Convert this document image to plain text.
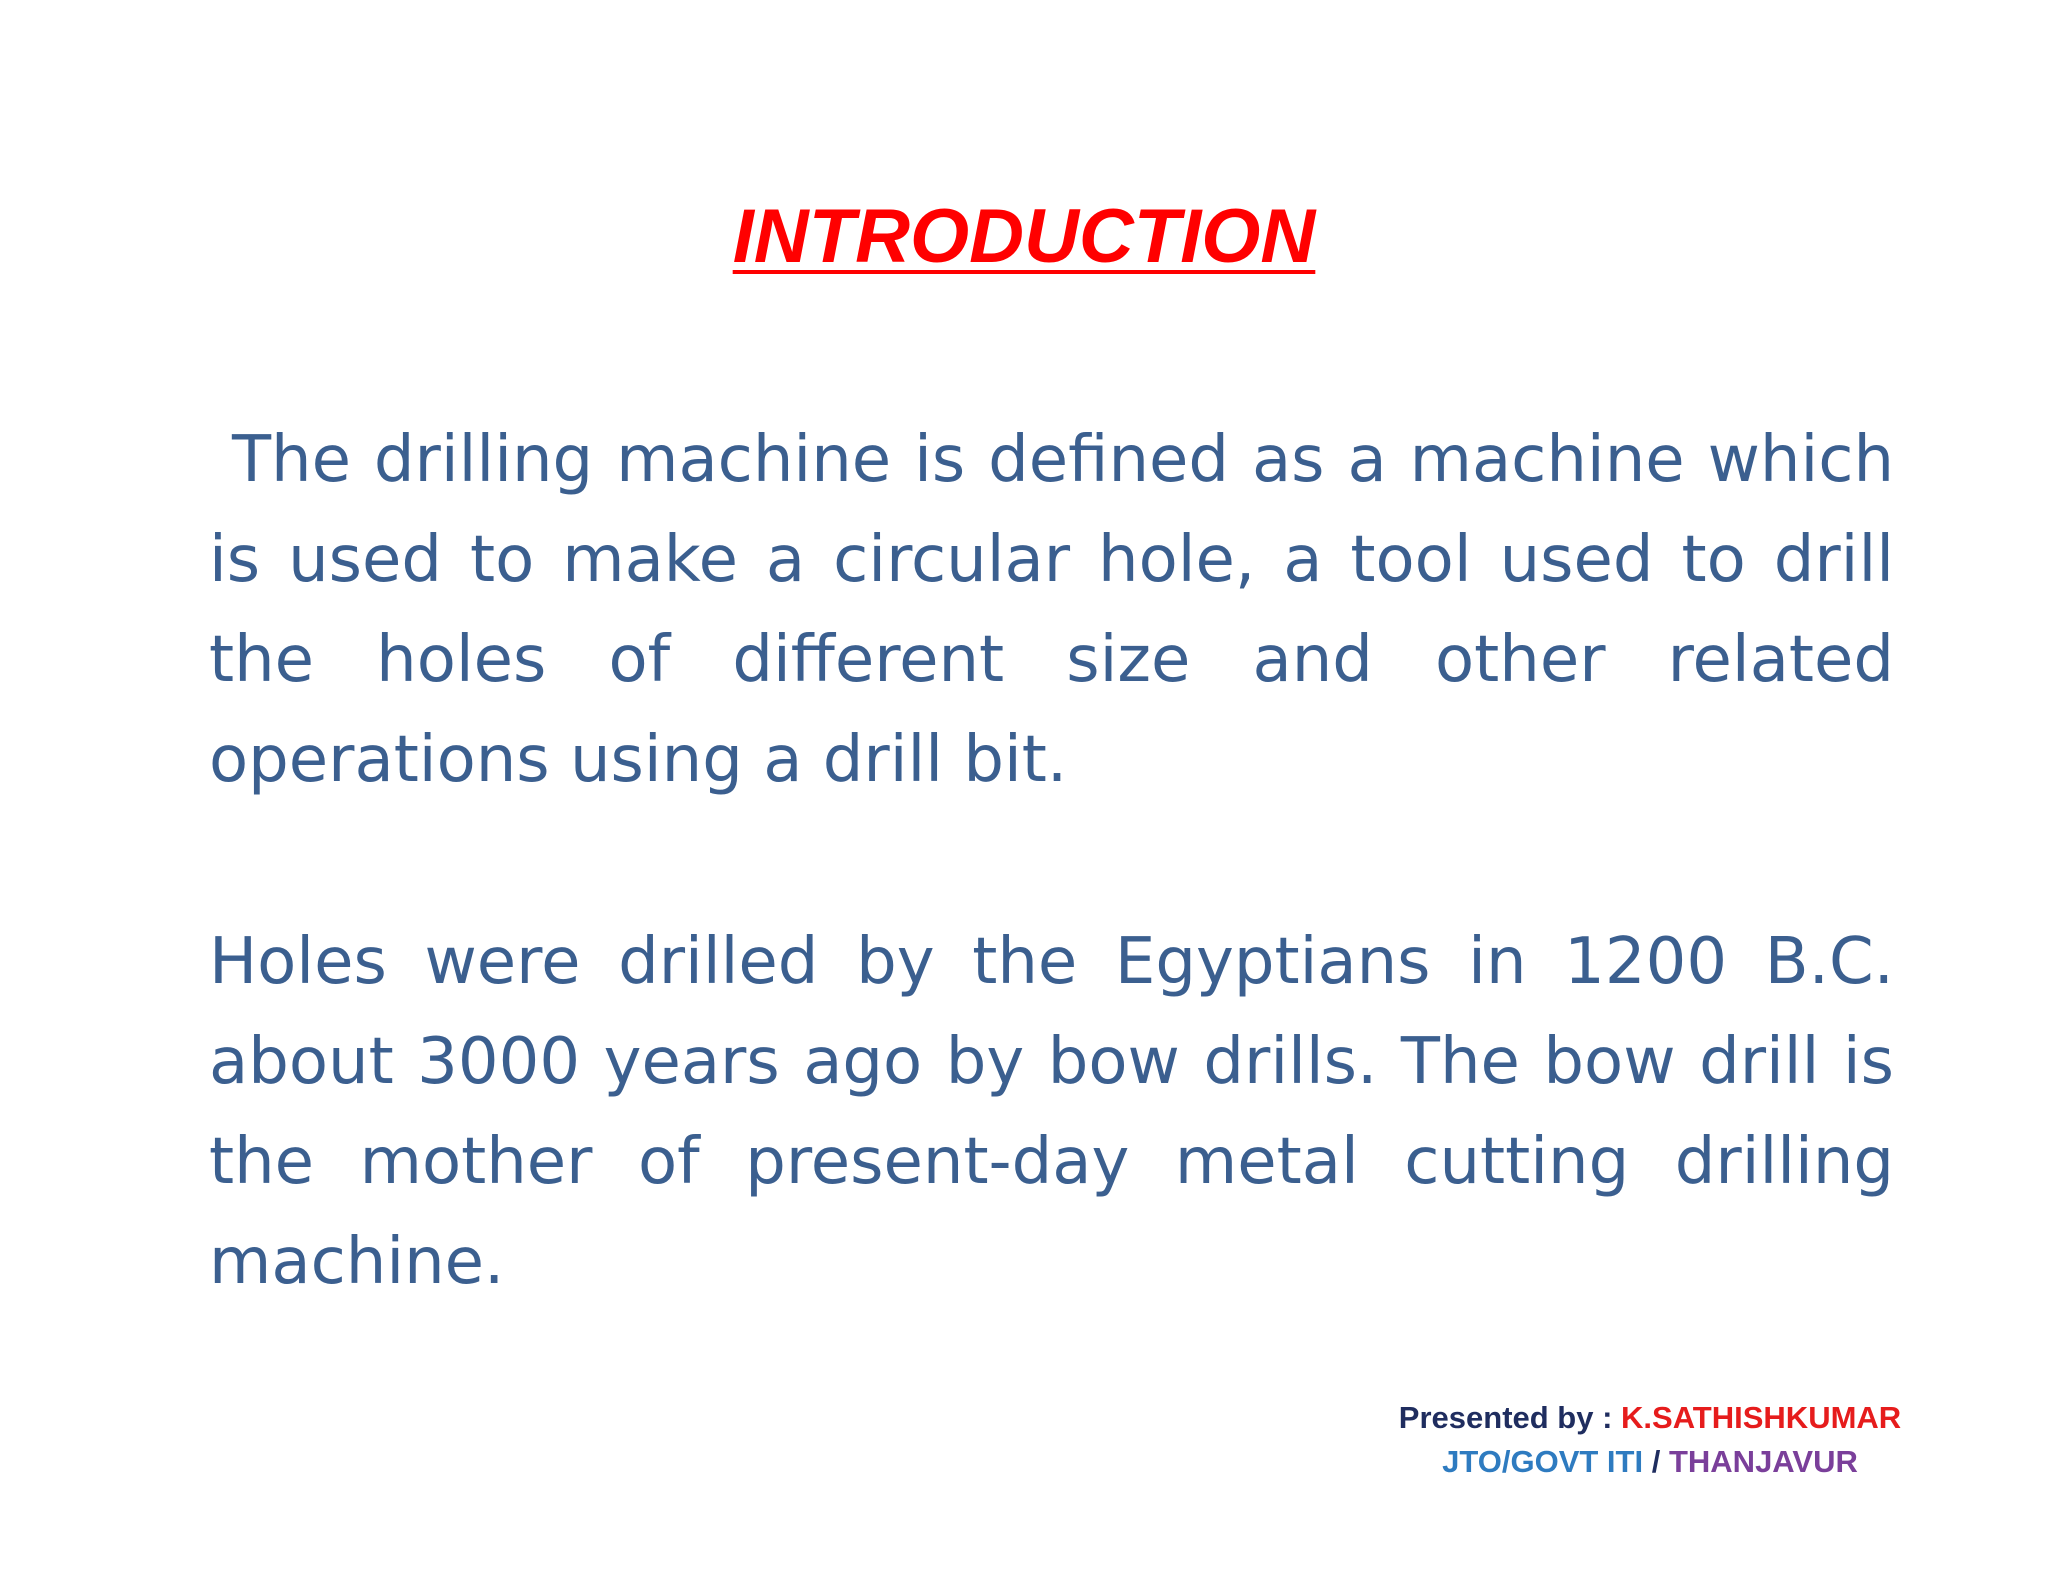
INTRODUCTION

The drilling machine is defined as a machine which is used to make a circular hole, a tool used to drill the holes of different size and other related operations using a drill bit.

Holes were drilled by the Egyptians in 1200 B.C. about 3000 years ago by bow drills. The bow drill is the mother of present-day metal cutting drilling machine.

Presented by : K.SATHISHKUMAR
JTO/GOVT ITI / THANJAVUR
